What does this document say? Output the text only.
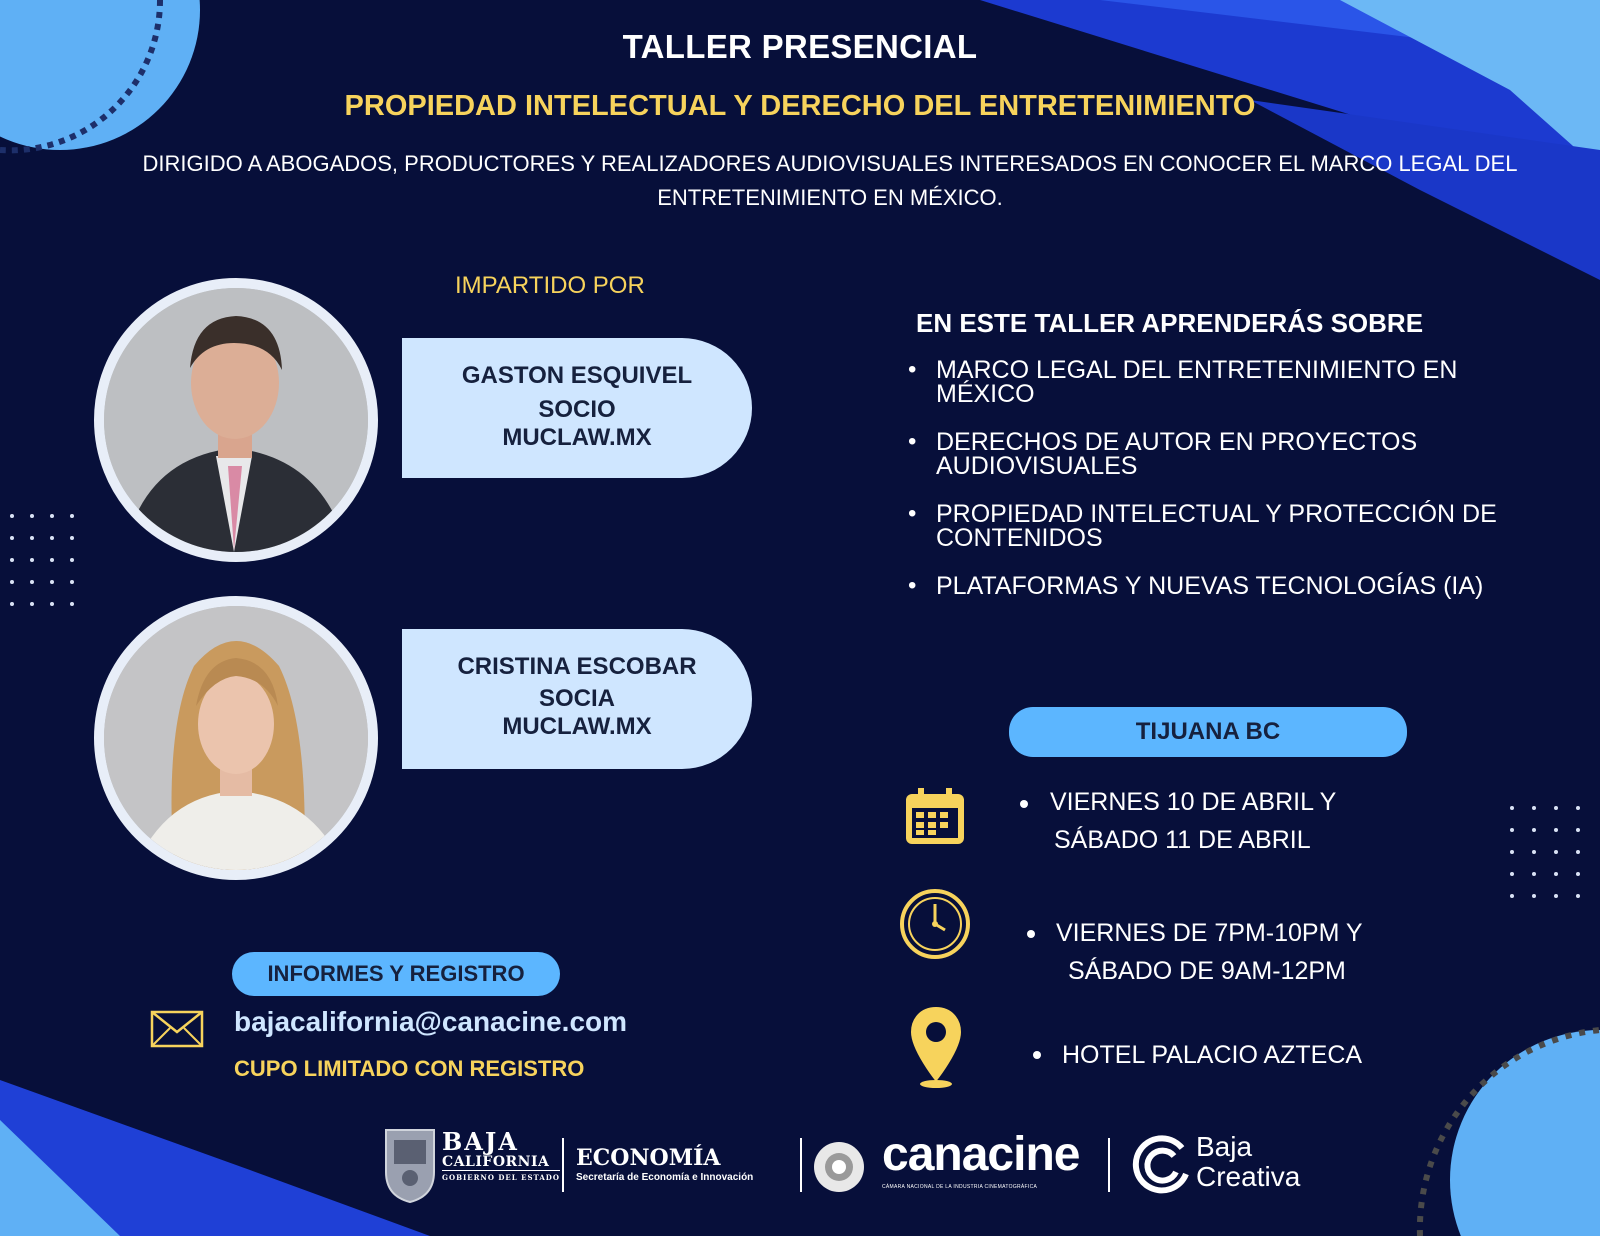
TALLER PRESENCIAL
PROPIEDAD INTELECTUAL Y DERECHO DEL ENTRETENIMIENTO
DIRIGIDO A ABOGADOS, PRODUCTORES Y REALIZADORES AUDIOVISUALES INTERESADOS EN CONOCER EL MARCO LEGAL DEL ENTRETENIMIENTO EN MÉXICO.
IMPARTIDO POR
GASTON ESQUIVEL
SOCIO
MUCLAW.MX
CRISTINA ESCOBAR
SOCIA
MUCLAW.MX
EN ESTE TALLER APRENDERÁS SOBRE
• MARCO LEGAL DEL ENTRETENIMIENTO EN MÉXICO
• DERECHOS DE AUTOR EN PROYECTOS AUDIOVISUALES
• PROPIEDAD INTELECTUAL Y PROTECCIÓN DE CONTENIDOS
• PLATAFORMAS Y NUEVAS TECNOLOGÍAS (IA)
TIJUANA BC
VIERNES 10 DE ABRIL Y
SÁBADO 11 DE ABRIL
VIERNES DE 7PM-10PM Y
SÁBADO DE 9AM-12PM
HOTEL PALACIO AZTECA
INFORMES Y REGISTRO
bajacalifornia@canacine.com
CUPO LIMITADO CON REGISTRO
BAJA
CALIFORNIA
GOBIERNO DEL ESTADO
ECONOMÍA
Secretaría de Economía e Innovación	canacine
CÁMARA NACIONAL DE LA INDUSTRIA CINEMATOGRÁFICA
Baja
Creativa
